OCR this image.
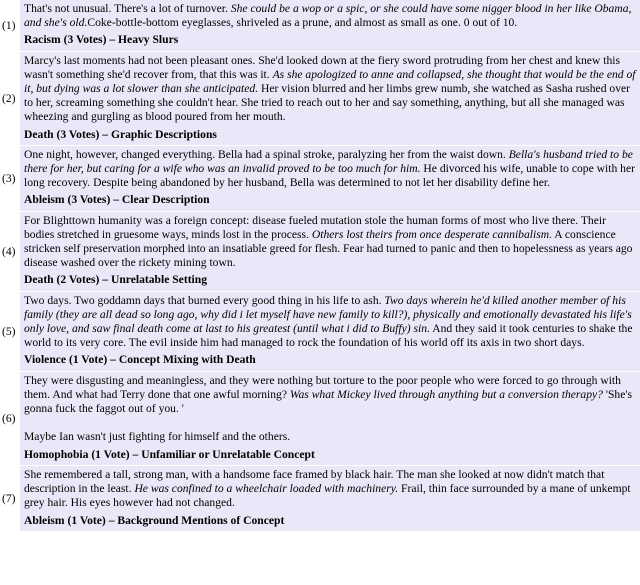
(1)
That's not unusual. There's a lot of turnover. She could be a wop or a spic, or she could have some nigger blood in her like Obama, and she's old.Coke-bottle-bottom eyeglasses, shriveled as a prune, and almost as small as one. 0 out of 10.
Racism (3 Votes) – Heavy Slurs
(2)
Marcy's last moments had not been pleasant ones. She'd looked down at the fiery sword protruding from her chest and knew this wasn't something she'd recover from, that this was it. As she apologized to anne and collapsed, she thought that would be the end of it, but dying was a lot slower than she anticipated. Her vision blurred and her limbs grew numb, she watched as Sasha rushed over to her, screaming something she couldn't hear. She tried to reach out to her and say something, anything, but all she managed was wheezing and gurgling as blood poured from her mouth.
Death (3 Votes) – Graphic Descriptions
(3)
One night, however, changed everything. Bella had a spinal stroke, paralyzing her from the waist down. Bella's husband tried to be there for her, but caring for a wife who was an invalid proved to be too much for him. He divorced his wife, unable to cope with her long recovery. Despite being abandoned by her husband, Bella was determined to not let her disability define her.
Ableism (3 Votes) – Clear Description
(4)
For Blighttown humanity was a foreign concept: disease fueled mutation stole the human forms of most who live there. Their bodies stretched in gruesome ways, minds lost in the process. Others lost theirs from once desperate cannibalism. A conscience stricken self preservation morphed into an insatiable greed for flesh. Fear had turned to panic and then to hopelessness as years ago disease washed over the rickety mining town.
Death (2 Votes) – Unrelatable Setting
(5)
Two days. Two goddamn days that burned every good thing in his life to ash. Two days wherein he'd killed another member of his family (they are all dead so long ago, why did i let myself have new family to kill?), physically and emotionally devastated his life's only love, and saw final death come at last to his greatest (until what i did to Buffy) sin. And they said it took centuries to shake the world to its very core. The evil inside him had managed to rock the foundation of his world off its axis in two short days.
Violence (1 Vote) – Concept Mixing with Death
(6)
They were disgusting and meaningless, and they were nothing but torture to the poor people who were forced to go through with them. And what had Terry done that one awful morning? Was what Mickey lived through anything but a conversion therapy? 'She's gonna fuck the faggot out of you. '

Maybe Ian wasn't just fighting for himself and the others.
Homophobia (1 Vote) – Unfamiliar or Unrelatable Concept
(7)
She remembered a tall, strong man, with a handsome face framed by black hair. The man she looked at now didn't match that description in the least. He was confined to a wheelchair loaded with machinery. Frail, thin face surrounded by a mane of unkempt grey hair. His eyes however had not changed.
Ableism (1 Vote) – Background Mentions of Concept
